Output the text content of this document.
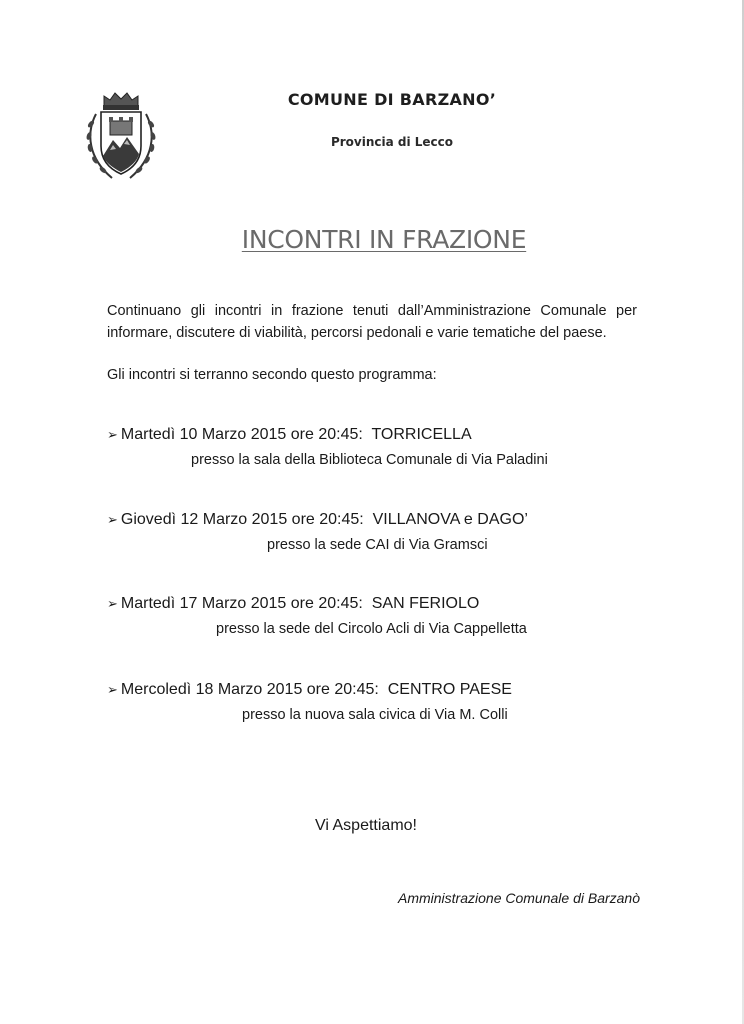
COMUNE DI BARZANO’
Provincia di Lecco
INCONTRI IN FRAZIONE
Continuano gli incontri in frazione tenuti dall’Amministrazione Comunale per informare, discutere di viabilità, percorsi pedonali e varie tematiche del paese.
Gli incontri si terranno secondo questo programma:
➢ Martedì 10 Marzo 2015 ore 20:45: TORRICELLA
presso la sala della Biblioteca Comunale di Via Paladini
➢ Giovedì 12 Marzo 2015 ore 20:45: VILLANOVA e DAGO’
presso la sede CAI di Via Gramsci
➢ Martedì 17 Marzo 2015 ore 20:45: SAN FERIOLO
presso la sede del Circolo Acli di Via Cappelletta
➢ Mercoledì 18 Marzo 2015 ore 20:45: CENTRO PAESE
presso la nuova sala civica di Via M. Colli
Vi Aspettiamo!
Amministrazione Comunale di Barzanò
